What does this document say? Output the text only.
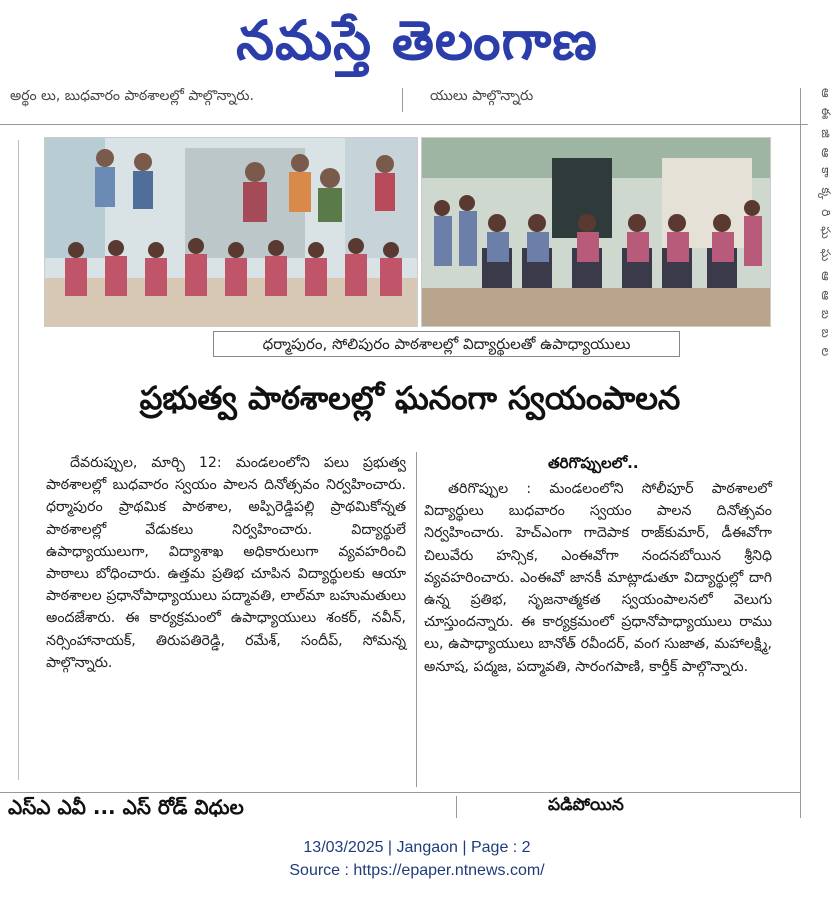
నమస్తే తెలంగాణ
అర్థం లు, బుధవారం పాఠశాలల్లో పాల్గొన్నారు.	యులు పాల్గొన్నారు	ఆ ఈ జి ఆ కా క్క రి ఘ ఘ ఆ ఆ బ బ ల
ధర్మాపురం, సోలిపురం పాఠశాలల్లో విద్యార్థులతో ఉపాధ్యాయులు
ప్రభుత్వ పాఠశాలల్లో ఘనంగా స్వయంపాలన

దేవరుప్పుల, మార్చి 12: మండలంలోని పలు ప్రభుత్వ పాఠశాలల్లో బుధవారం స్వయం పాలన దినోత్సవం నిర్వహించారు. ధర్మాపురం ప్రాథమిక పాఠశాల, అప్పిరెడ్డిపల్లి ప్రాథమికోన్నత పాఠశాలల్లో వేడుకలు నిర్వహించారు. విద్యార్థులే ఉపాధ్యాయులుగా, విద్యాశాఖ అధికారులుగా వ్యవహరించి పాఠాలు బోధించారు. ఉత్తమ ప్రతిభ చూపిన విద్యార్థులకు ఆయా పాఠశాలల ప్రధానోపాధ్యాయులు పద్మావతి, లాల్‌మా బహుమతులు అందజేశారు. ఈ కార్యక్రమంలో ఉపాధ్యాయులు శంకర్, నవీన్, నర్సింహానాయక్, తిరుపతిరెడ్డి, రమేశ్, సందీప్, సోమన్న పాల్గొన్నారు.

తరిగొప్పులలో..

తరిగొప్పుల : మండలంలోని సోలీపూర్ పాఠశాలలో విద్యార్థులు బుధవారం స్వయం పాలన దినోత్సవం నిర్వహించారు. హెచ్‌ఎంగా గాదెపాక రాజ్‌కుమార్, డీఈవోగా చిలువేరు హన్సిక, ఎంఈవోగా నందనబోయిన శ్రీనిధి వ్యవహరించారు. ఎంఈవో జానకీ మాట్లాడుతూ విద్యార్థుల్లో దాగి ఉన్న ప్రతిభ, సృజనాత్మకత స్వయంపాలనలో వెలుగు చూస్తుందన్నారు. ఈ కార్యక్రమంలో ప్రధానోపాధ్యాయులు రాము లు, ఉపాధ్యాయులు బానోత్ రవీందర్, వంగ సుజాత, మహాలక్ష్మి, అనూష, పద్మజ, పద్మావతి, సారంగపాణి, కార్తీక్ పాల్గొన్నారు.

ఎస్ఎ ఎవీ ... ఎస్ రోడ్ విధుల	పడిపోయిన
13/03/2025 | Jangaon | Page : 2
Source : https://epaper.ntnews.com/
